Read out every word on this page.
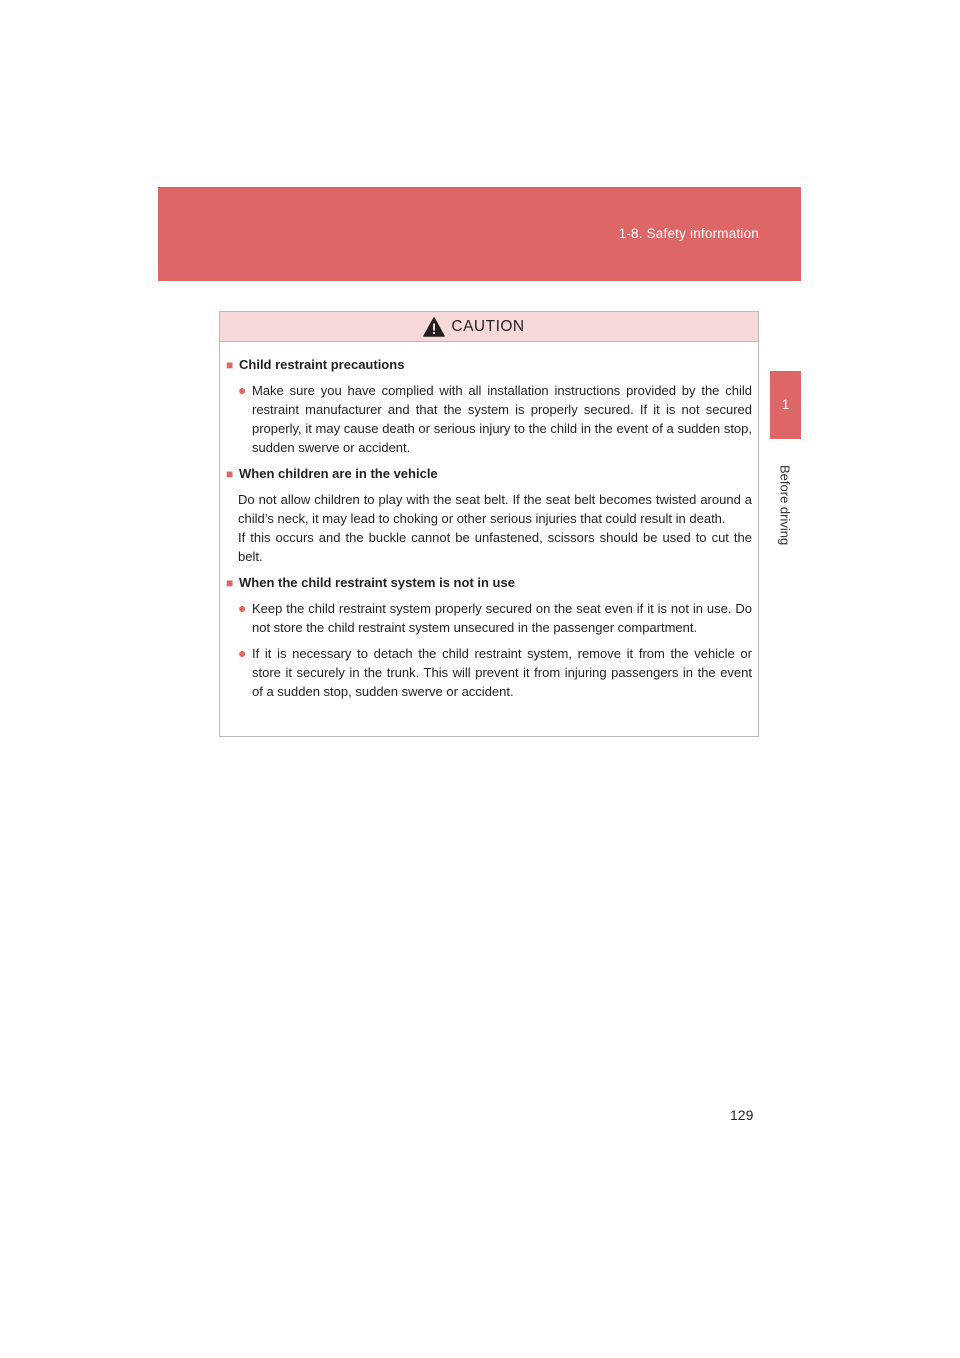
1-8. Safety information
1
Before driving
CAUTION
■ Child restraint precautions
● Make sure you have complied with all installation instructions provided by the child restraint manufacturer and that the system is properly secured. If it is not secured properly, it may cause death or serious injury to the child in the event of a sudden stop, sudden swerve or accident.
■ When children are in the vehicle
Do not allow children to play with the seat belt. If the seat belt becomes twisted around a child’s neck, it may lead to choking or other serious injuries that could result in death.
If this occurs and the buckle cannot be unfastened, scissors should be used to cut the belt.
■ When the child restraint system is not in use
● Keep the child restraint system properly secured on the seat even if it is not in use. Do not store the child restraint system unsecured in the passenger compartment.
● If it is necessary to detach the child restraint system, remove it from the vehicle or store it securely in the trunk. This will prevent it from injuring passengers in the event of a sudden stop, sudden swerve or accident.
129
